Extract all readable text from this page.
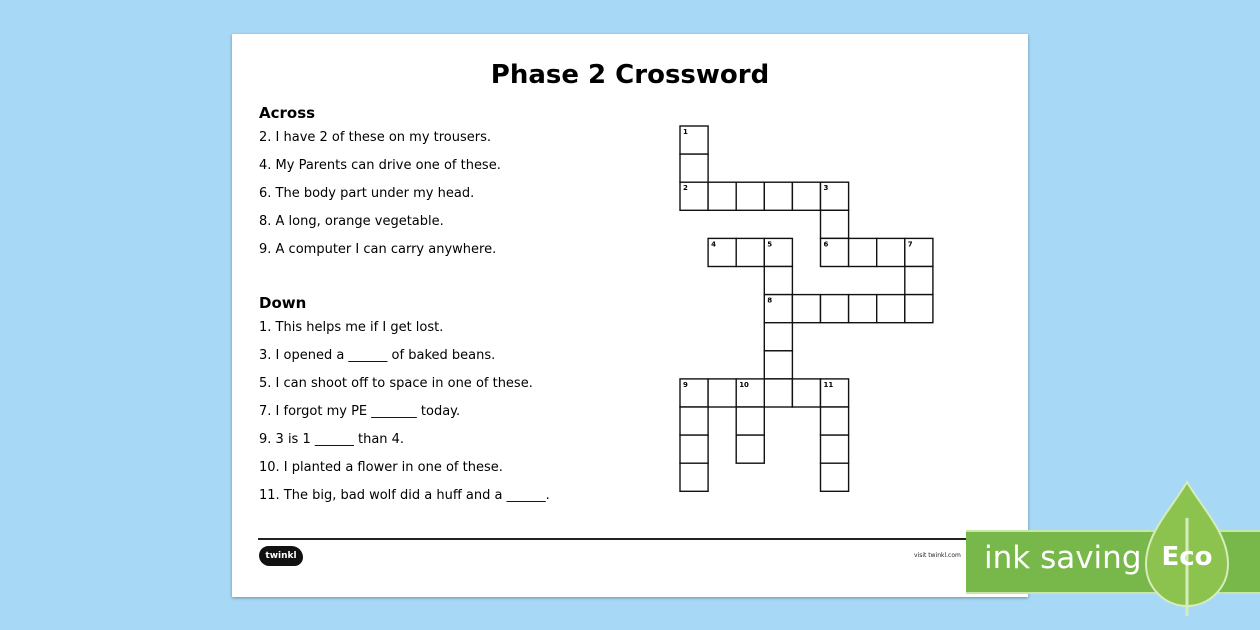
Phase 2 Crossword
Across
2. I have 2 of these on my trousers.
4. My Parents can drive one of these.
6. The body part under my head.
8. A long, orange vegetable.
9. A computer I can carry anywhere.
Down
1. This helps me if I get lost.
3. I opened a ______ of baked beans.
5. I can shoot off to space in one of these.
7. I forgot my PE _______ today.
9. 3 is 1 ______ than 4.
10. I planted a flower in one of these.
11. The big, bad wolf did a huff and a ______.
1
2	3
4	5	6	7
8
9	10	11
twinkl	visit twinkl.com ink saving Eco
